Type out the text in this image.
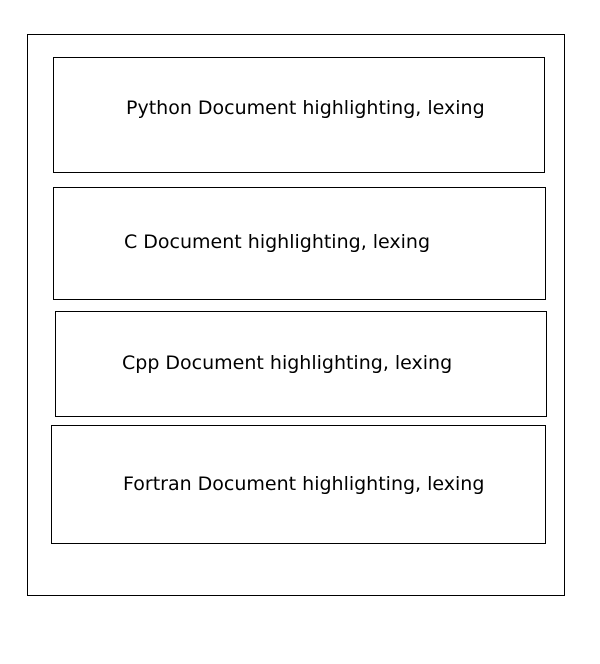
Python Document highlighting, lexing
C Document highlighting, lexing
Cpp Document highlighting, lexing
Fortran Document highlighting, lexing
